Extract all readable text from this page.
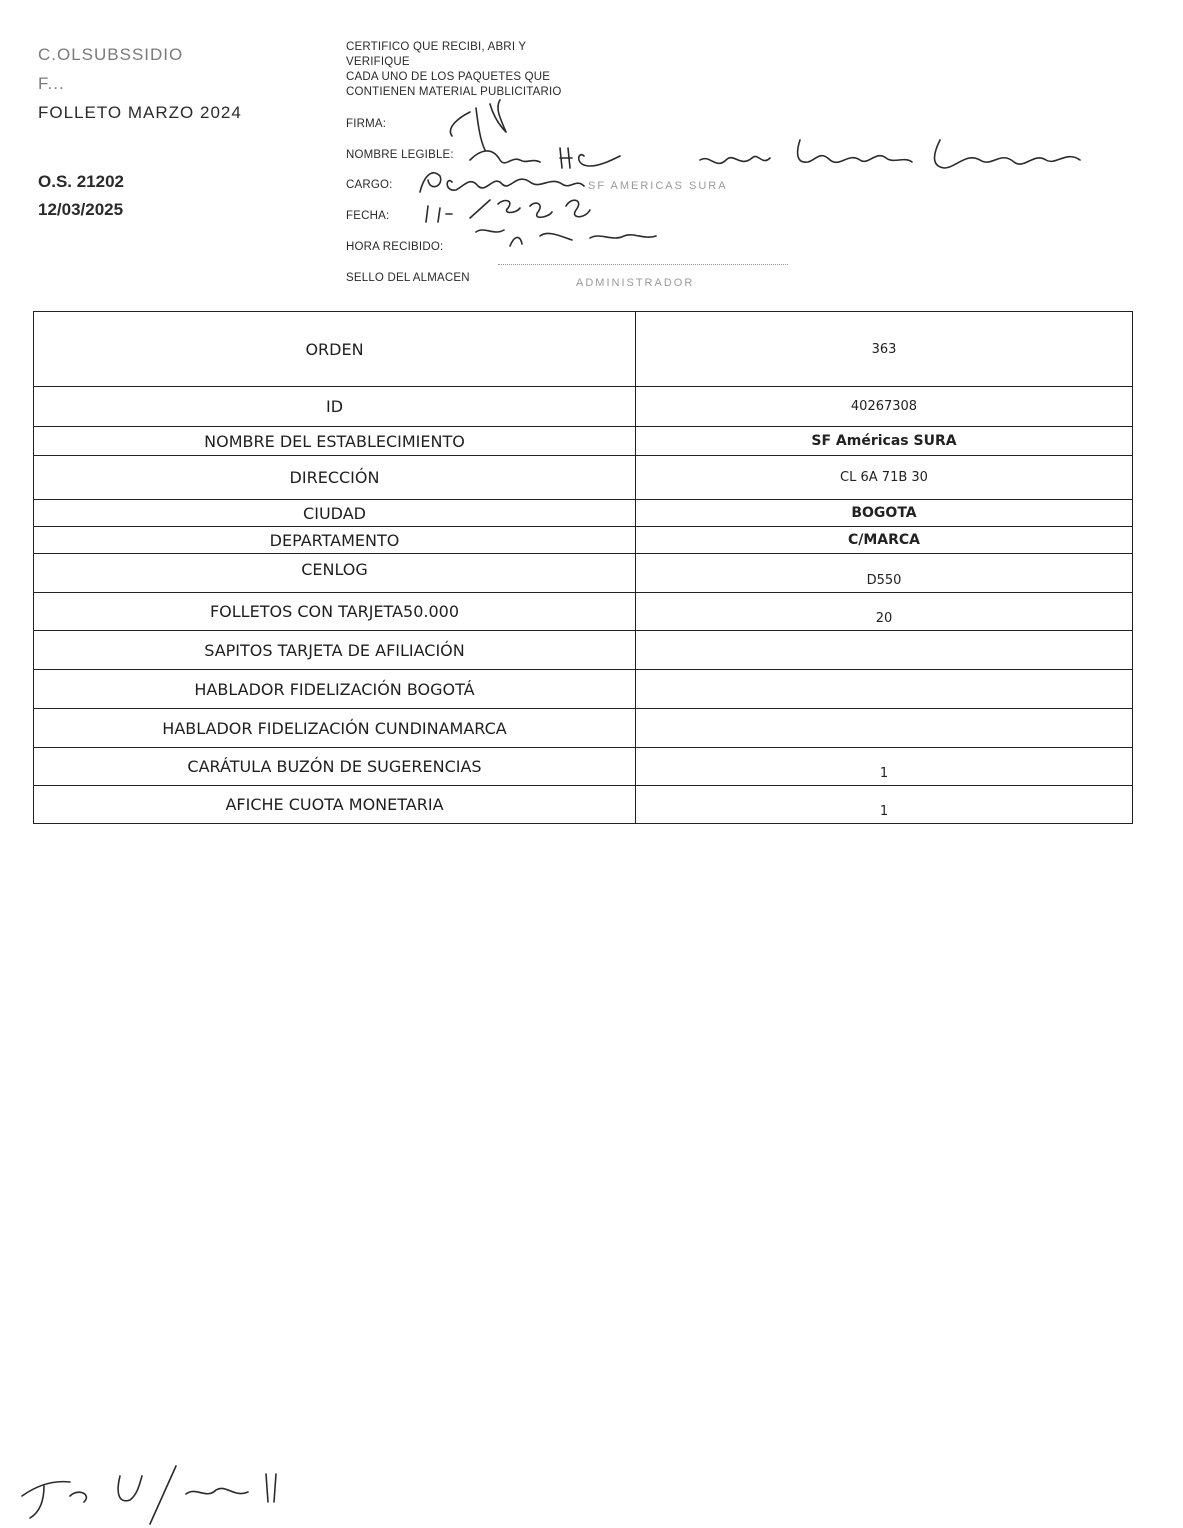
C.OLSUBSSIDIO
F...
FOLLETO MARZO 2024
O.S. 21202
12/03/2025
CERTIFICO QUE RECIBI, ABRI Y
VERIFIQUE
CADA UNO DE LOS PAQUETES QUE
CONTIENEN MATERIAL PUBLICITARIO
FIRMA:
NOMBRE LEGIBLE:
CARGO:
FECHA:
HORA RECIBIDO:
SELLO DEL ALMACEN
SF AMERICAS SURA
ADMINISTRADOR
ORDEN	363
ID	40267308
NOMBRE DEL ESTABLECIMIENTO	SF Américas SURA
DIRECCIÓN	CL 6A 71B 30
CIUDAD	BOGOTA
DEPARTAMENTO	C/MARCA
CENLOG	D550
FOLLETOS CON TARJETA50.000	20
SAPITOS TARJETA DE AFILIACIÓN	
HABLADOR FIDELIZACIÓN BOGOTÁ	
HABLADOR FIDELIZACIÓN CUNDINAMARCA	
CARÁTULA BUZÓN DE SUGERENCIAS	1
AFICHE CUOTA MONETARIA	1
